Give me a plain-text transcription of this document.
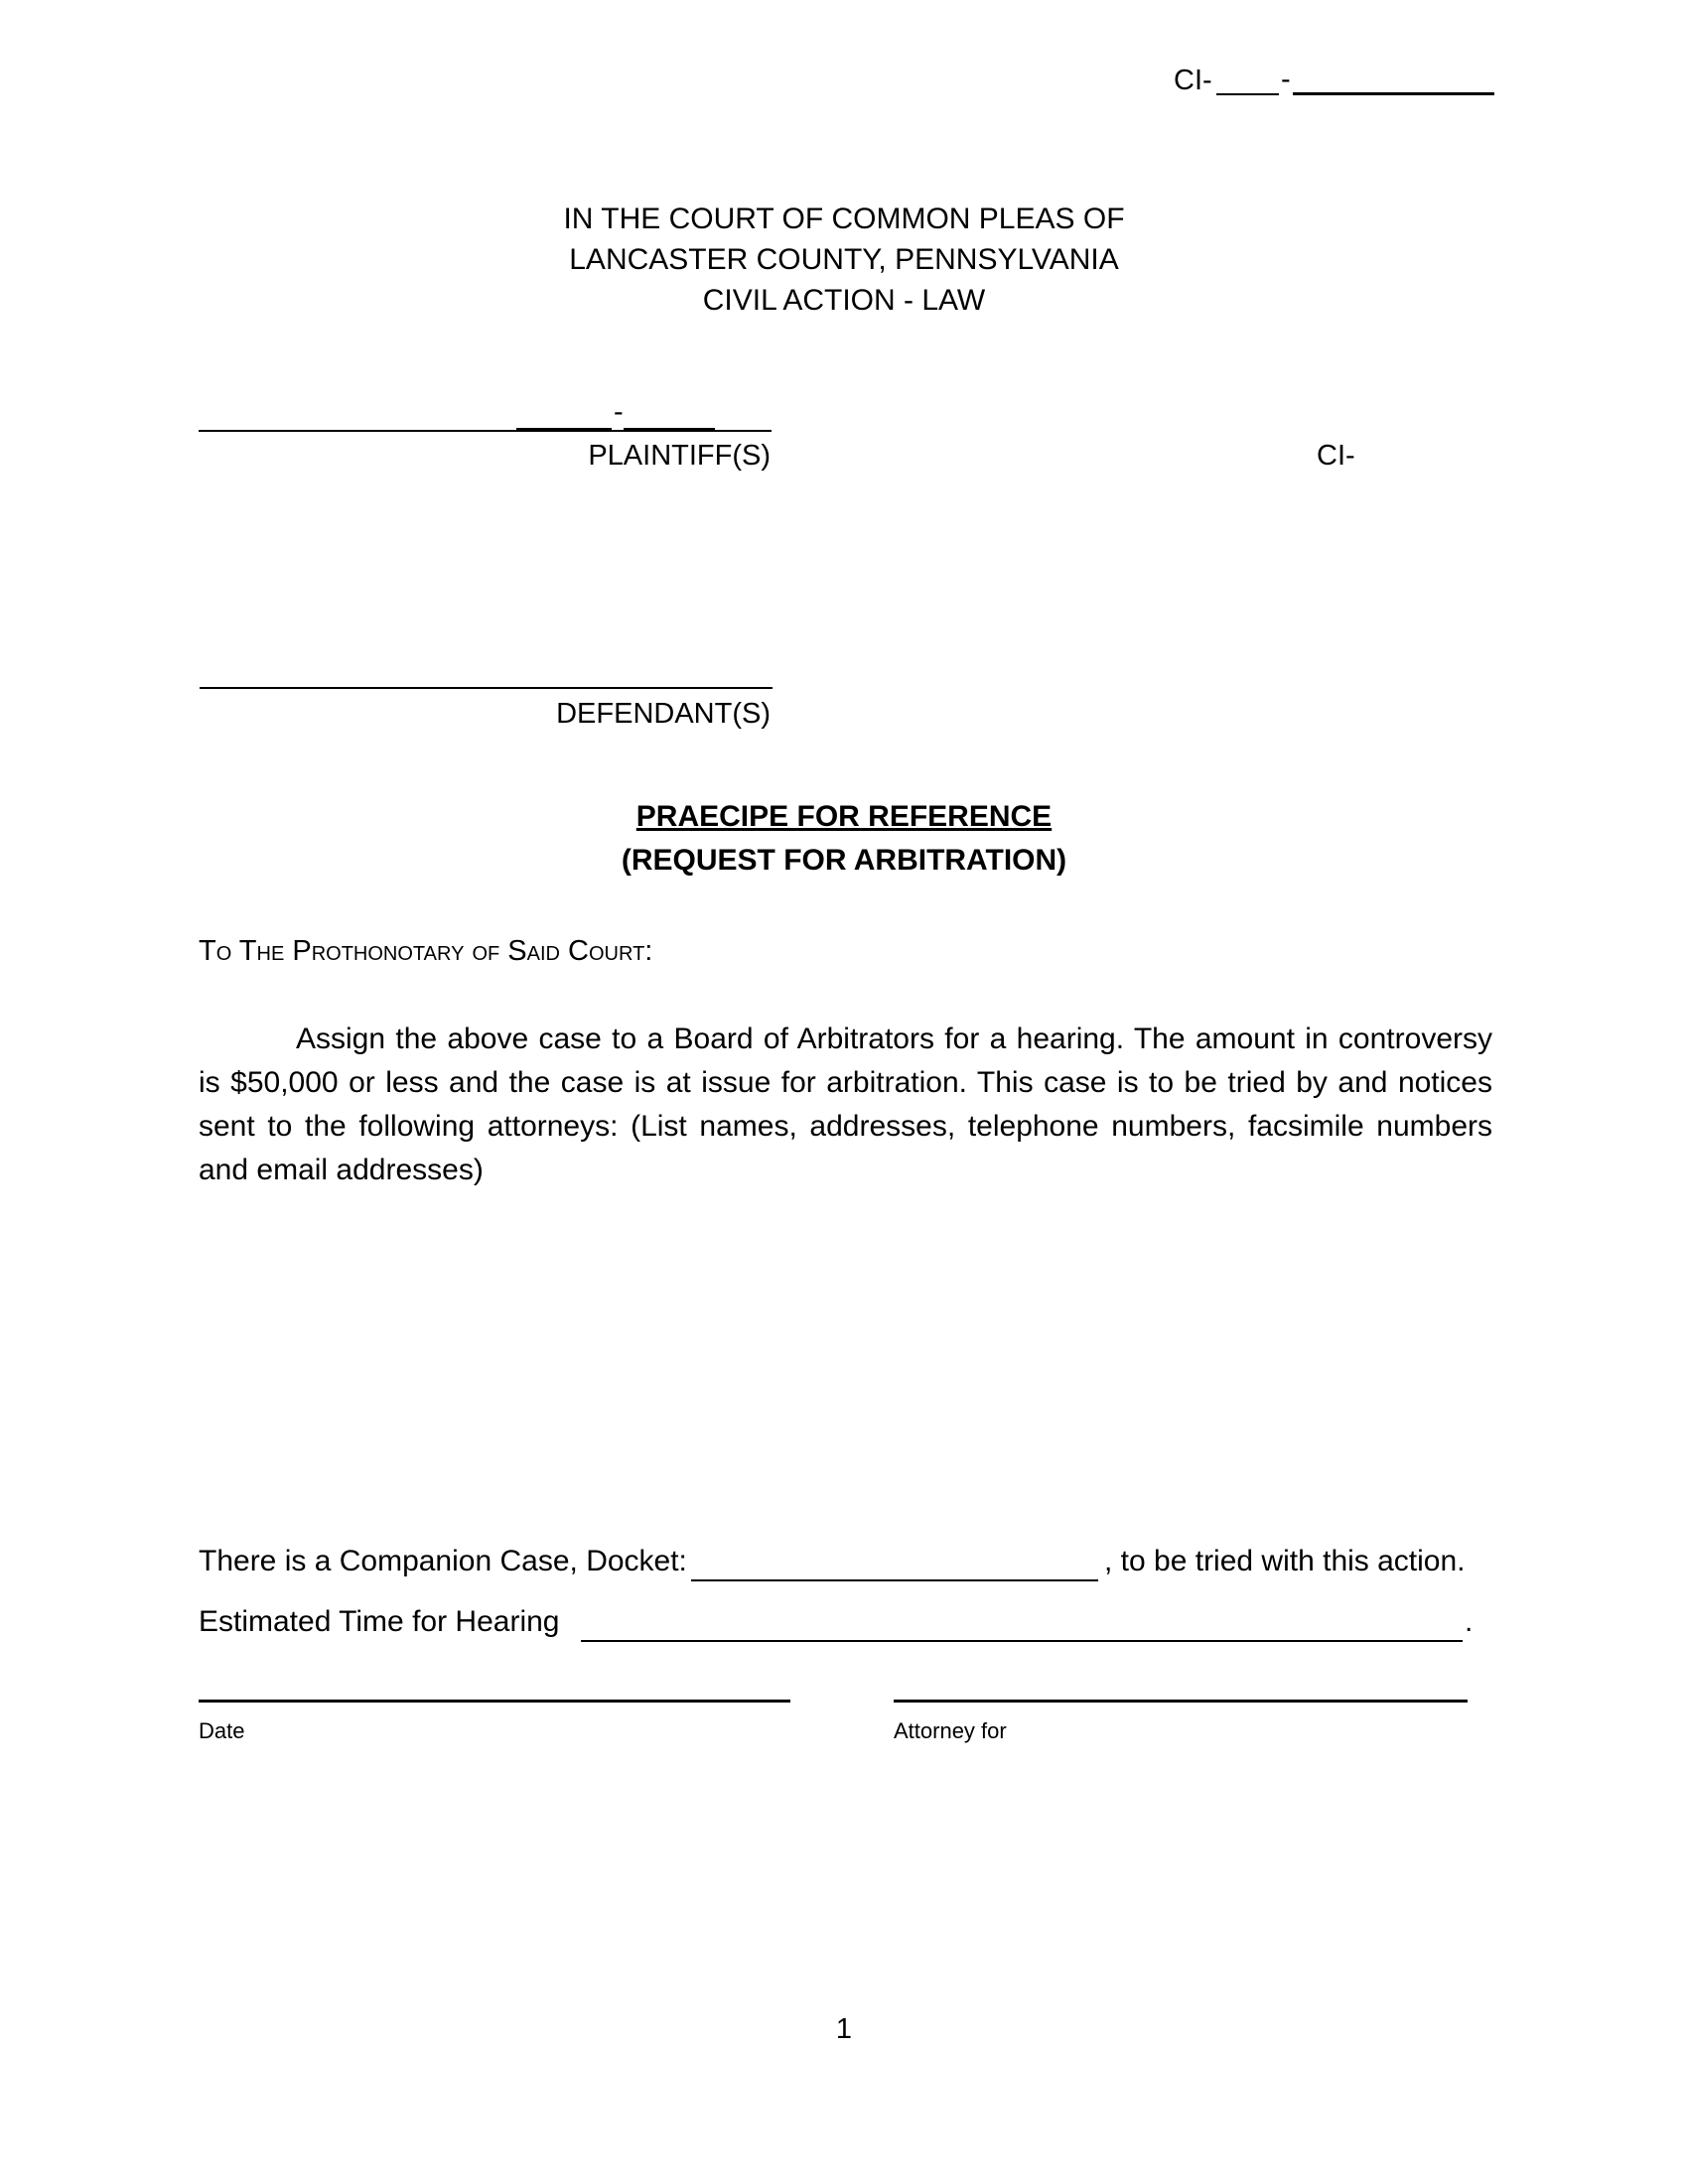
CI- -
IN THE COURT OF COMMON PLEAS OF
LANCASTER COUNTY, PENNSYLVANIA
CIVIL ACTION - LAW
-
PLAINTIFF(S)	CI-
DEFENDANT(S)
PRAECIPE FOR REFERENCE
(REQUEST FOR ARBITRATION)
To The Prothonotary of Said Court:
Assign the above case to a Board of Arbitrators for a hearing. The amount in controversy is $50,000 or less and the case is at issue for arbitration. This case is to be tried by and notices sent to the following attorneys: (List names, addresses, telephone numbers, facsimile numbers and email addresses)
There is a Companion Case, Docket:	, to be tried with this action.
Estimated Time for Hearing	.
Date	Attorney for
1
